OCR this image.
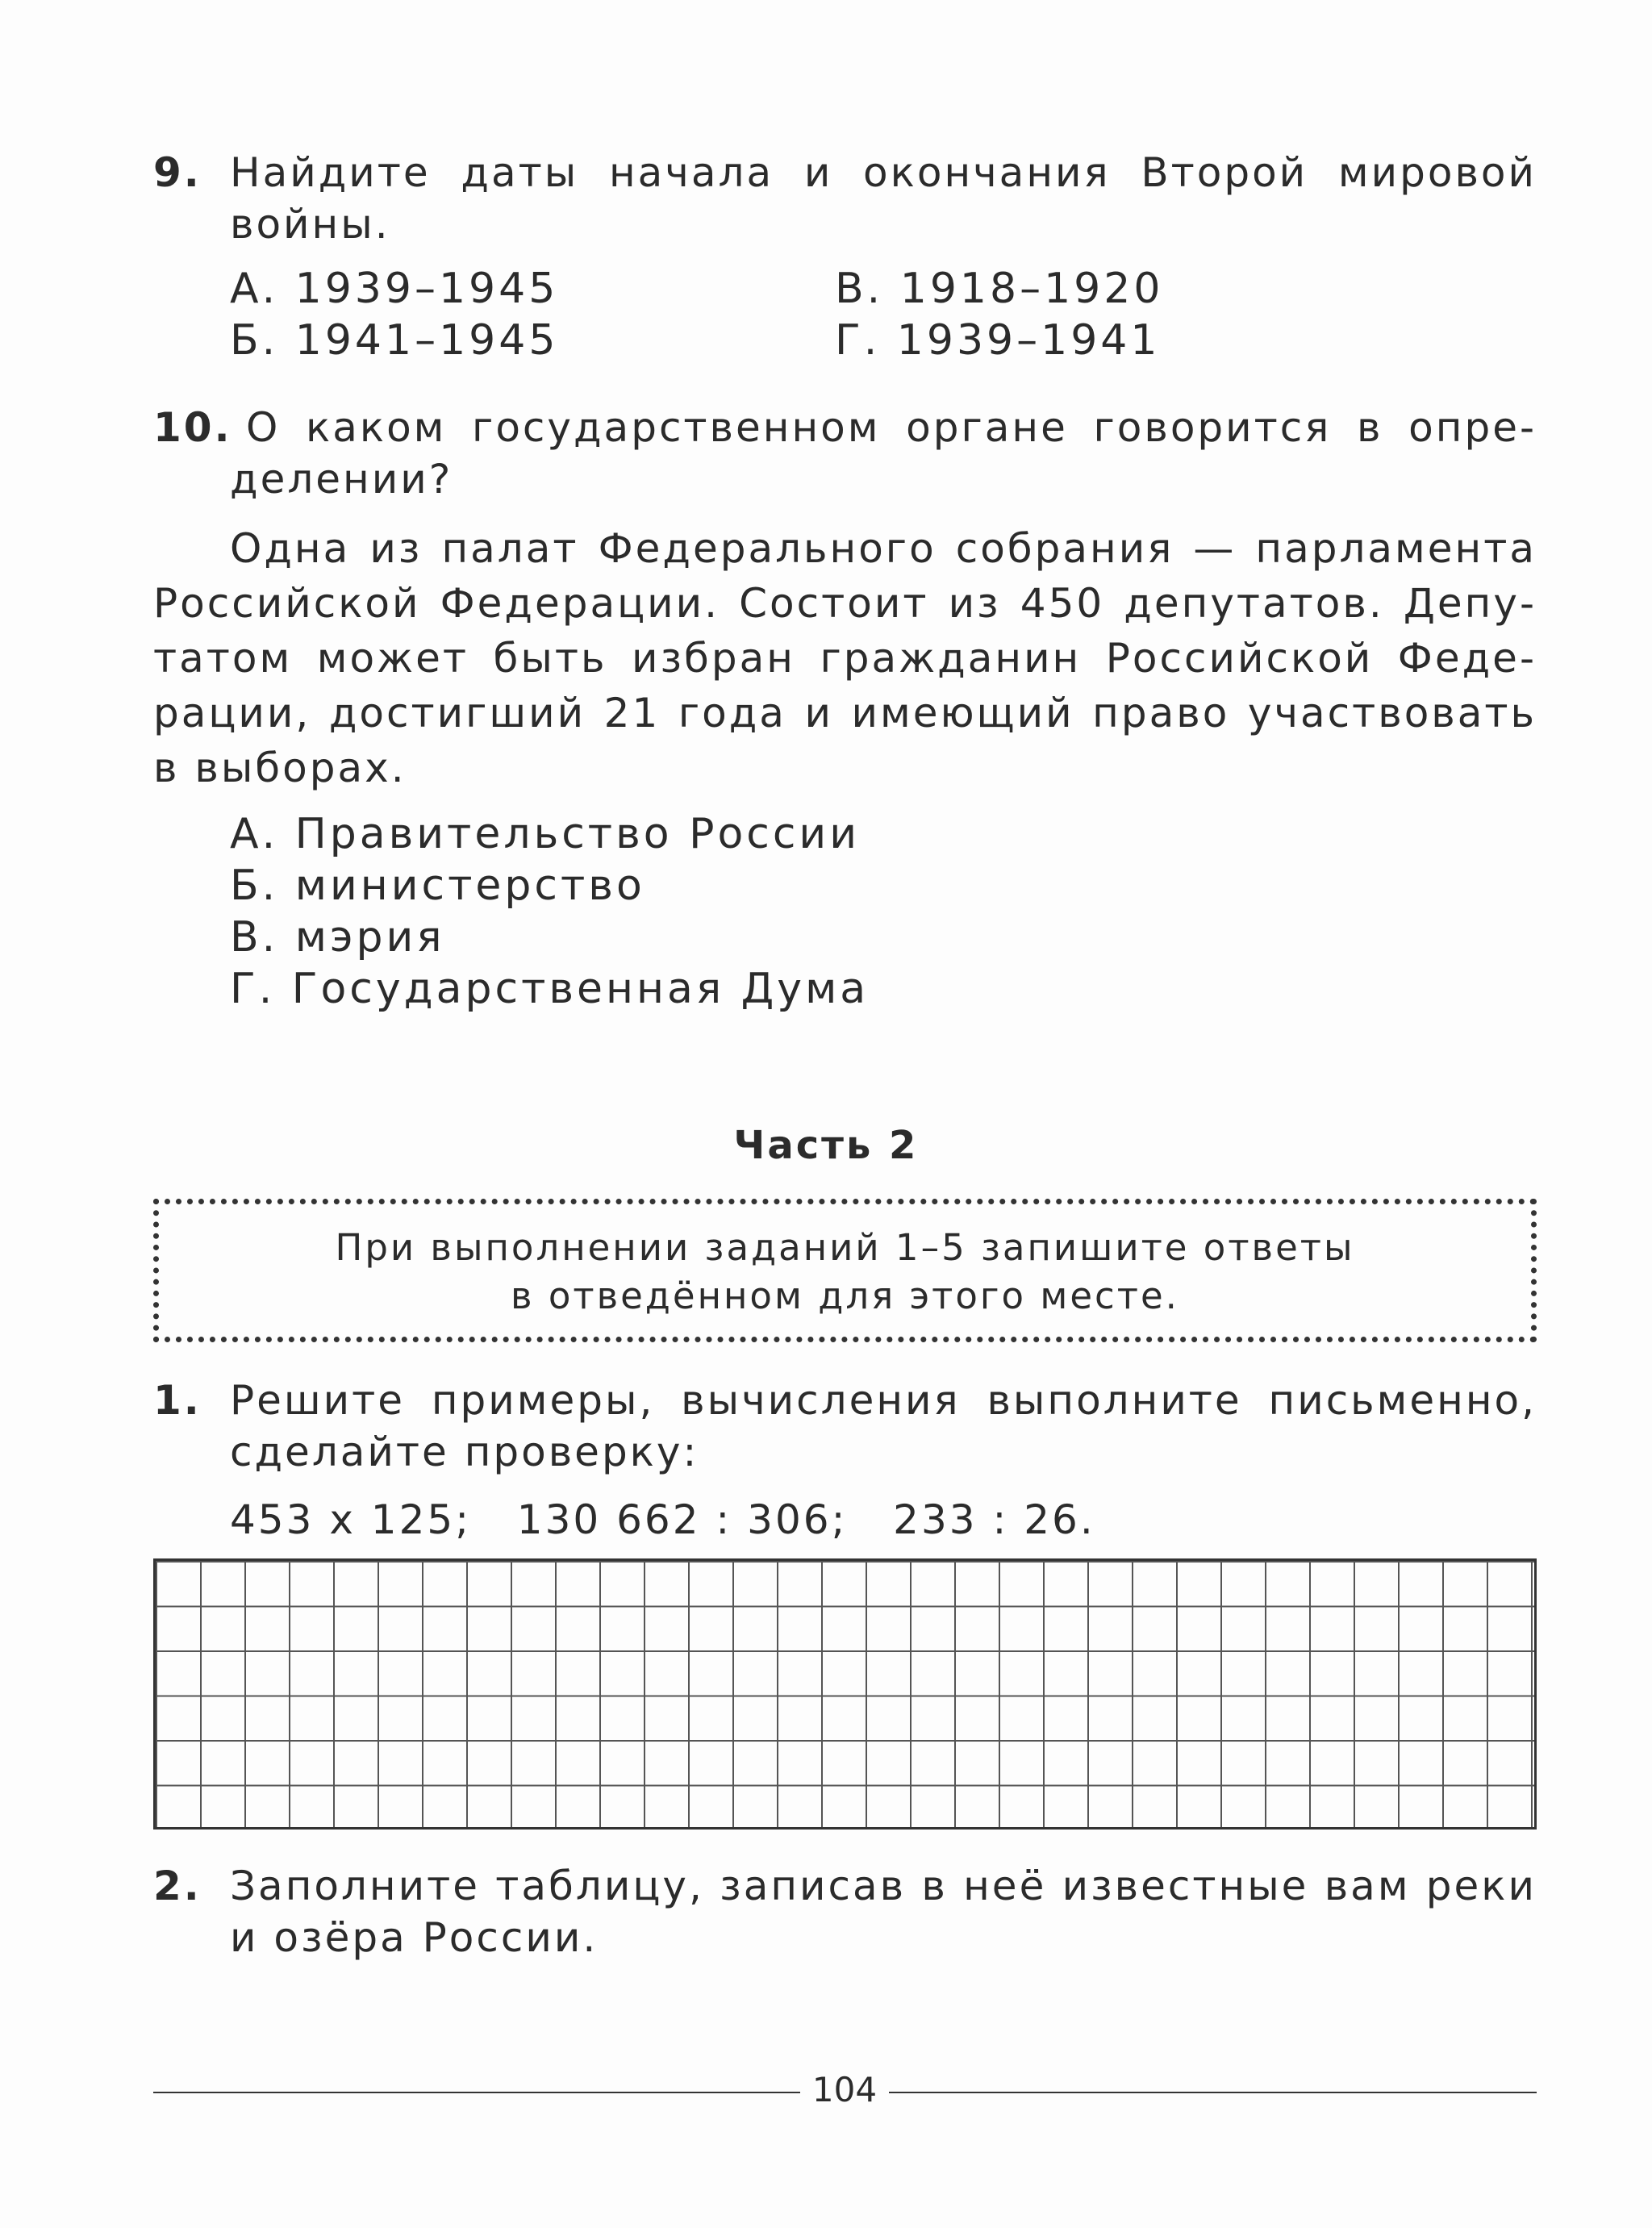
9. Найдите даты начала и окончания Второй мировой
войны.
А. 1939–1945	В. 1918–1920
Б. 1941–1945	Г. 1939–1941
10. О каком государственном органе говорится в опре-
делении?
Одна из палат Федерального собрания — парламента
Российской Федерации. Состоит из 450 депутатов. Депу-
татом может быть избран гражданин Российской Феде-
рации, достигший 21 года и имеющий право участвовать
в выборах.
А. Правительство России
Б. министерство
В. мэрия
Г. Государственная Дума
Часть 2
При выполнении заданий 1–5 запишите ответы
в отведённом для этого месте.
1. Решите примеры, вычисления выполните письменно,
сделайте проверку:
453 х 125;   130 662 : 306;   233 : 26.
2. Заполните таблицу, записав в неё известные вам реки
и озёра России.
104
